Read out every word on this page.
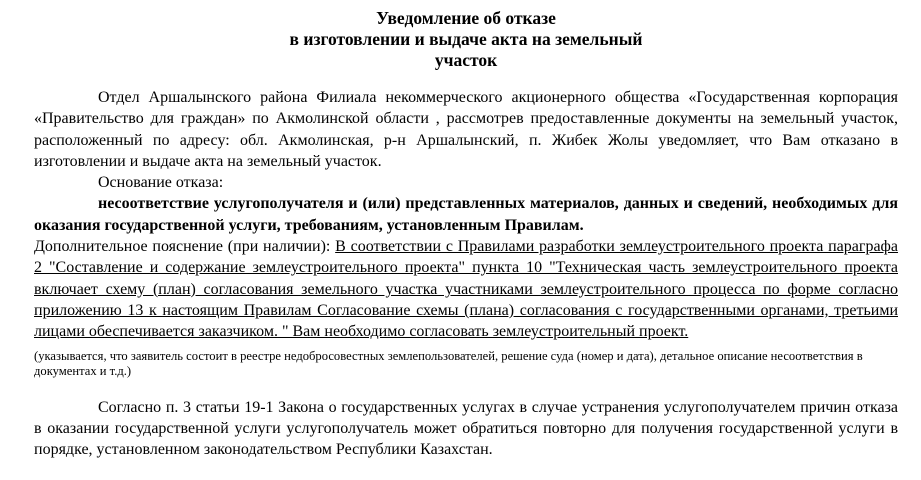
Уведомление об отказе
в изготовлении и выдаче акта на земельный
участок

Отдел Аршалынского района Филиала некоммерческого акционерного общества «Государственная корпорация «Правительство для граждан» по Акмолинской области , рассмотрев предоставленные документы на земельный участок, расположенный по адресу: обл. Акмолинская, р-н Аршалынский, п. Жибек Жолы уведомляет, что Вам отказано в изготовлении и выдаче акта на земельный участок.

Основание отказа:

несоответствие услугополучателя и (или) представленных материалов, данных и сведений, необходимых для оказания государственной услуги, требованиям, установленным Правилам.

Дополнительное пояснение (при наличии): В соответствии с Правилами разработки землеустроительного проекта параграфа 2 "Составление и содержание землеустроительного проекта" пункта 10 "Техническая часть землеустроительного проекта включает схему (план) согласования земельного участка участниками землеустроительного процесса по форме согласно приложению 13 к настоящим Правилам Согласование схемы (плана) согласования с государственными органами, третьими лицами обеспечивается заказчиком. " Вам необходимо согласовать землеустроительный проект.

(указывается, что заявитель состоит в реестре недобросовестных землепользователей, решение суда (номер и дата), детальное описание несоответствия в документах и т.д.)

Согласно п. 3 статьи 19-1 Закона о государственных услугах в случае устранения услугополучателем причин отказа в оказании государственной услуги услугополучатель может обратиться повторно для получения государственной услуги в порядке, установленном законодательством Республики Казахстан.
